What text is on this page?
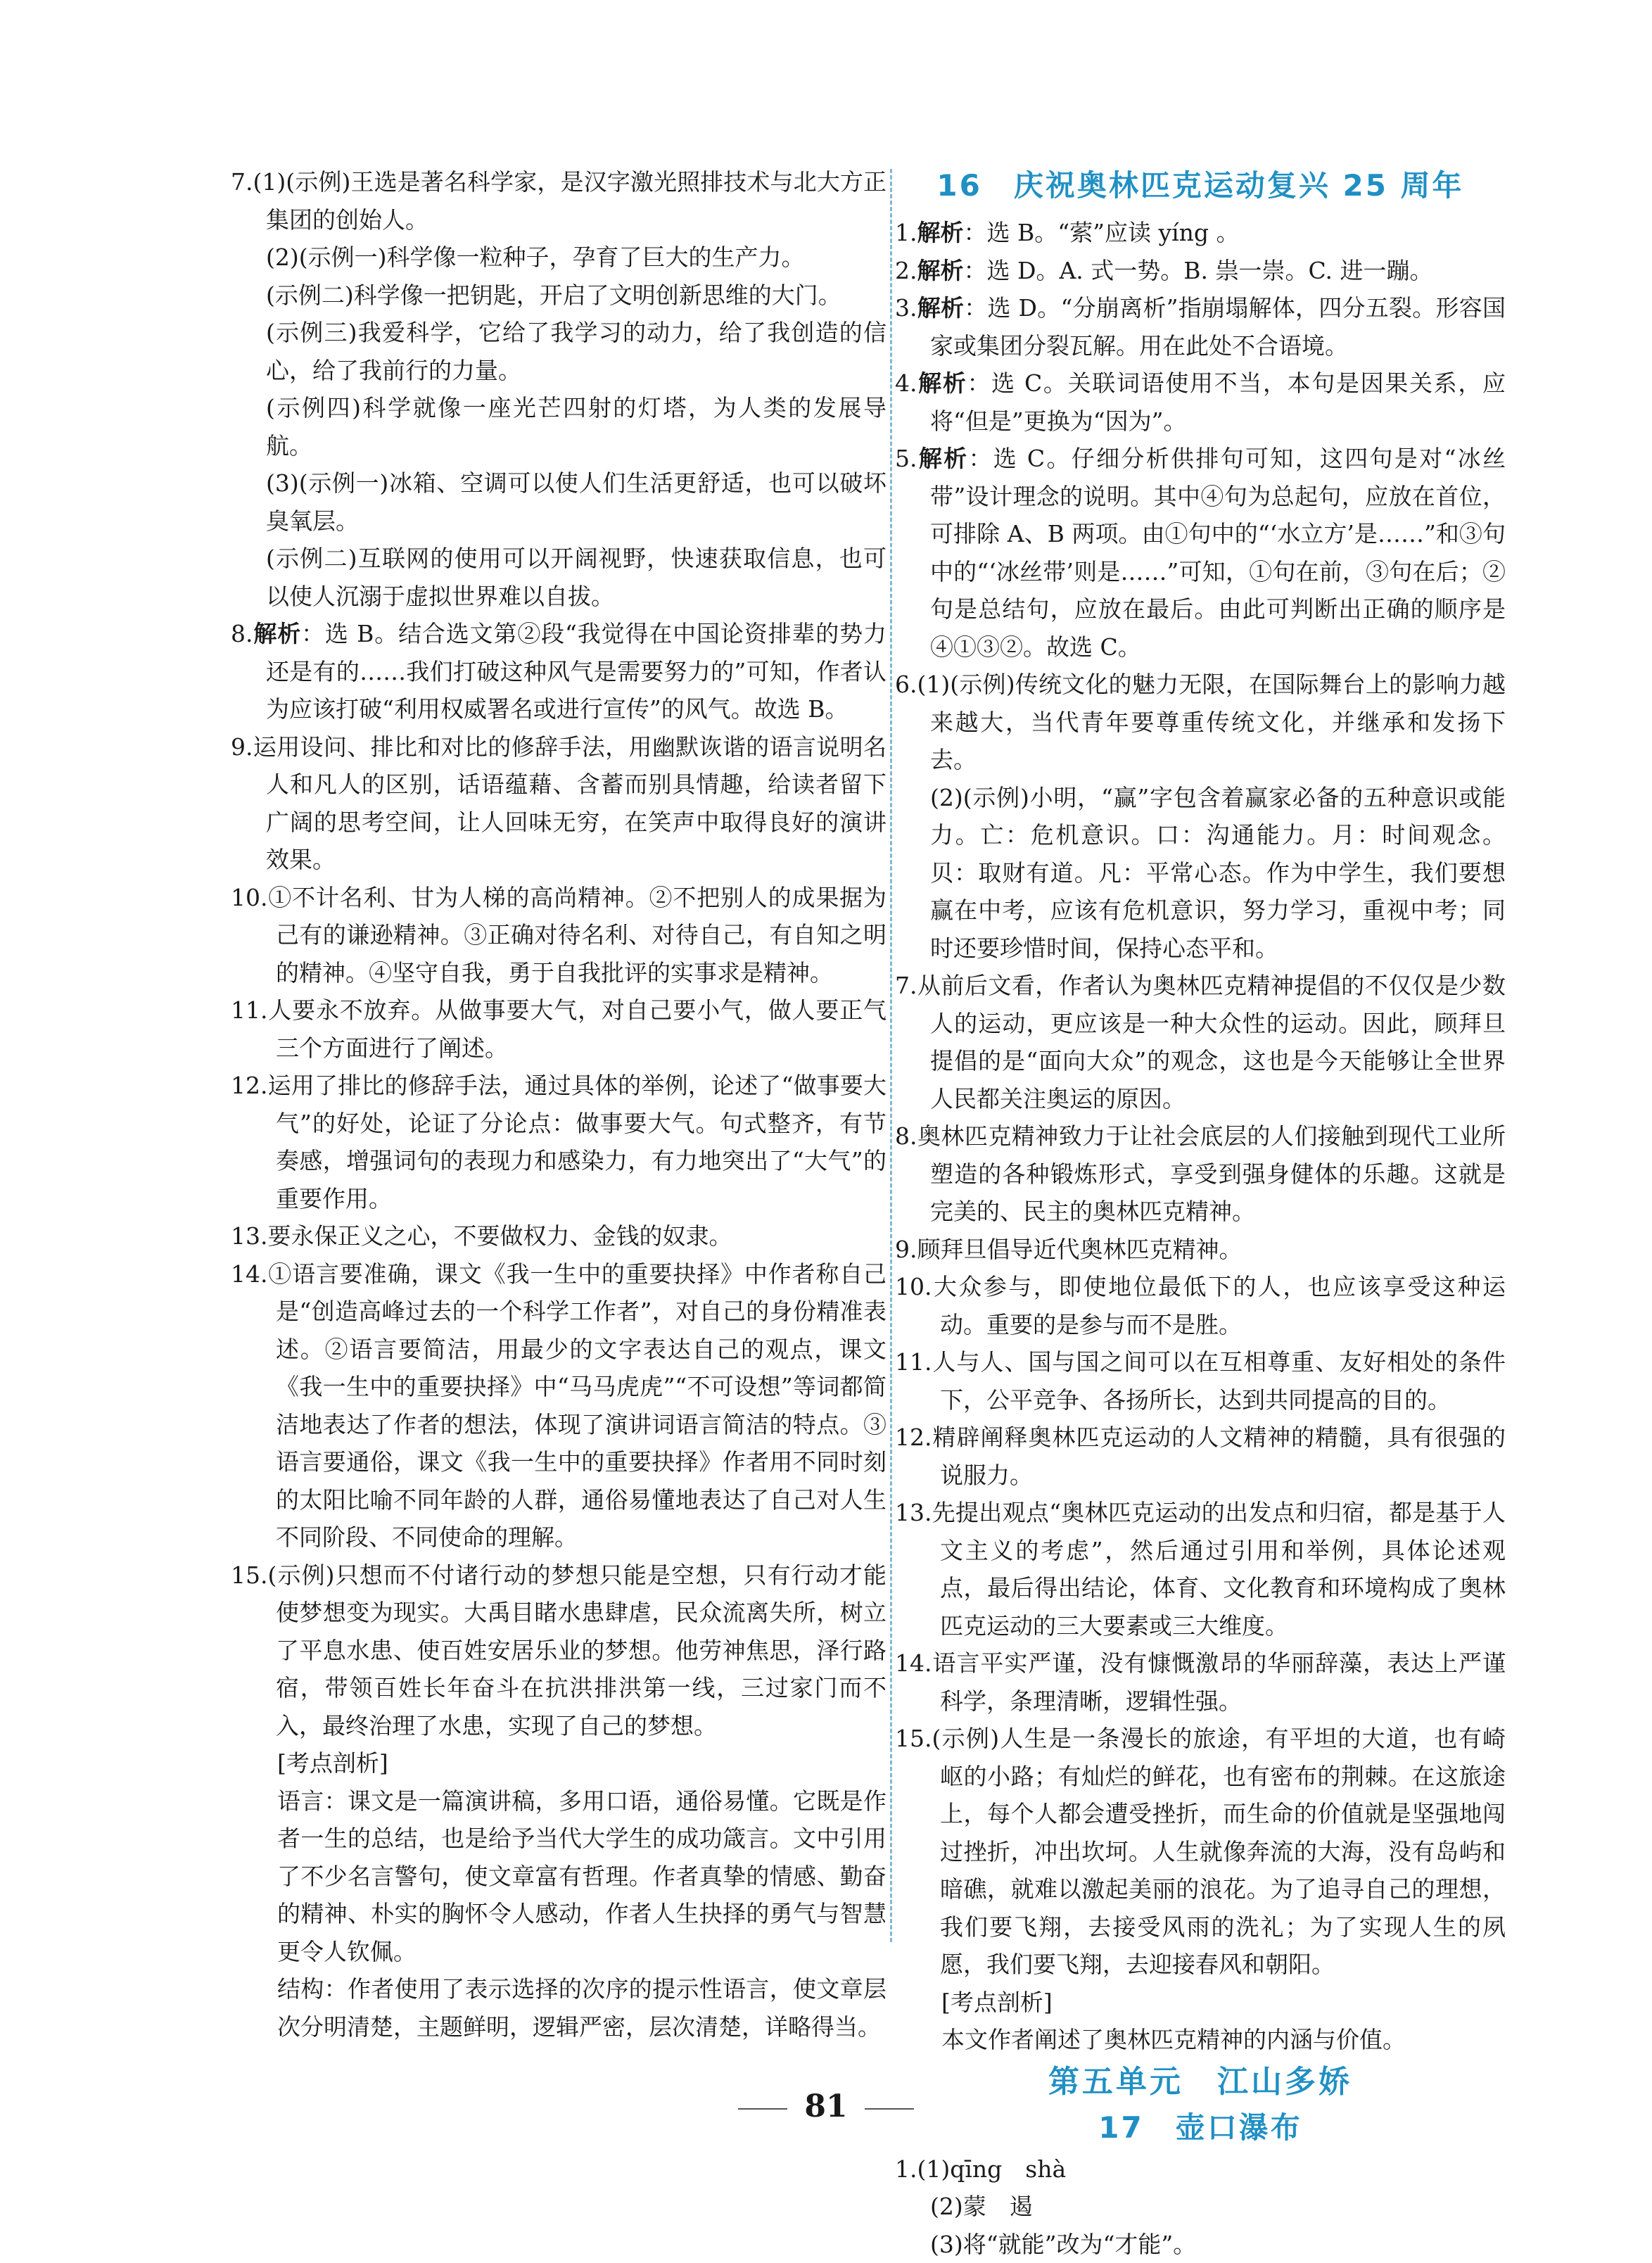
7.(1)(示例)王选是著名科学家，是汉字激光照排技术与北大方正集团的创始人。

(2)(示例一)科学像一粒种子，孕育了巨大的生产力。

(示例二)科学像一把钥匙，开启了文明创新思维的大门。

(示例三)我爱科学，它给了我学习的动力，给了我创造的信心，给了我前行的力量。

(示例四)科学就像一座光芒四射的灯塔，为人类的发展导航。

(3)(示例一)冰箱、空调可以使人们生活更舒适，也可以破坏臭氧层。

(示例二)互联网的使用可以开阔视野，快速获取信息，也可以使人沉溺于虚拟世界难以自拔。

8.解析：选 B。结合选文第②段“我觉得在中国论资排辈的势力还是有的……我们打破这种风气是需要努力的”可知，作者认为应该打破“利用权威署名或进行宣传”的风气。故选 B。

9.运用设问、排比和对比的修辞手法，用幽默诙谐的语言说明名人和凡人的区别，话语蕴藉、含蓄而别具情趣，给读者留下广阔的思考空间，让人回味无穷，在笑声中取得良好的演讲效果。

10.①不计名利、甘为人梯的高尚精神。②不把别人的成果据为己有的谦逊精神。③正确对待名利、对待自己，有自知之明的精神。④坚守自我，勇于自我批评的实事求是精神。

11.人要永不放弃。从做事要大气，对自己要小气，做人要正气三个方面进行了阐述。

12.运用了排比的修辞手法，通过具体的举例，论述了“做事要大气”的好处，论证了分论点：做事要大气。句式整齐，有节奏感，增强词句的表现力和感染力，有力地突出了“大气”的重要作用。

13.要永保正义之心，不要做权力、金钱的奴隶。

14.①语言要准确，课文《我一生中的重要抉择》中作者称自己是“创造高峰过去的一个科学工作者”，对自己的身份精准表述。②语言要简洁，用最少的文字表达自己的观点，课文《我一生中的重要抉择》中“马马虎虎”“不可设想”等词都简洁地表达了作者的想法，体现了演讲词语言简洁的特点。③语言要通俗，课文《我一生中的重要抉择》作者用不同时刻的太阳比喻不同年龄的人群，通俗易懂地表达了自己对人生不同阶段、不同使命的理解。

15.(示例)只想而不付诸行动的梦想只能是空想，只有行动才能使梦想变为现实。大禹目睹水患肆虐，民众流离失所，树立了平息水患、使百姓安居乐业的梦想。他劳神焦思，泽行路宿，带领百姓长年奋斗在抗洪排洪第一线，三过家门而不入，最终治理了水患，实现了自己的梦想。

[考点剖析]

语言：课文是一篇演讲稿，多用口语，通俗易懂。它既是作者一生的总结，也是给予当代大学生的成功箴言。文中引用了不少名言警句，使文章富有哲理。作者真挚的情感、勤奋的精神、朴实的胸怀令人感动，作者人生抉择的勇气与智慧更令人钦佩。

结构：作者使用了表示选择的次序的提示性语言，使文章层次分明清楚，主题鲜明，逻辑严密，层次清楚，详略得当。

16　庆祝奥林匹克运动复兴 25 周年

1.解析：选 B。“萦”应读 yíng 。

2.解析：选 D。A. 式一势。B. 祟一崇。C. 进一蹦。

3.解析：选 D。“分崩离析”指崩塌解体，四分五裂。形容国家或集团分裂瓦解。用在此处不合语境。

4.解析：选 C。关联词语使用不当，本句是因果关系，应将“但是”更换为“因为”。

5.解析：选 C。仔细分析供排句可知，这四句是对“冰丝带”设计理念的说明。其中④句为总起句，应放在首位，可排除 A、B 两项。由①句中的“‘水立方’是……”和③句中的“‘冰丝带’则是……”可知，①句在前，③句在后；②句是总结句，应放在最后。由此可判断出正确的顺序是④①③②。故选 C。

6.(1)(示例)传统文化的魅力无限，在国际舞台上的影响力越来越大，当代青年要尊重传统文化，并继承和发扬下去。

(2)(示例)小明，“赢”字包含着赢家必备的五种意识或能力。亡：危机意识。口：沟通能力。月：时间观念。贝：取财有道。凡：平常心态。作为中学生，我们要想赢在中考，应该有危机意识，努力学习，重视中考；同时还要珍惜时间，保持心态平和。

7.从前后文看，作者认为奥林匹克精神提倡的不仅仅是少数人的运动，更应该是一种大众性的运动。因此，顾拜旦提倡的是“面向大众”的观念，这也是今天能够让全世界人民都关注奥运的原因。

8.奥林匹克精神致力于让社会底层的人们接触到现代工业所塑造的各种锻炼形式，享受到强身健体的乐趣。这就是完美的、民主的奥林匹克精神。

9.顾拜旦倡导近代奥林匹克精神。

10.大众参与，即使地位最低下的人，也应该享受这种运动。重要的是参与而不是胜。

11.人与人、国与国之间可以在互相尊重、友好相处的条件下，公平竞争、各扬所长，达到共同提高的目的。

12.精辟阐释奥林匹克运动的人文精神的精髓，具有很强的说服力。

13.先提出观点“奥林匹克运动的出发点和归宿，都是基于人文主义的考虑”，然后通过引用和举例，具体论述观点，最后得出结论，体育、文化教育和环境构成了奥林匹克运动的三大要素或三大维度。

14.语言平实严谨，没有慷慨激昂的华丽辞藻，表达上严谨科学，条理清晰，逻辑性强。

15.(示例)人生是一条漫长的旅途，有平坦的大道，也有崎岖的小路；有灿烂的鲜花，也有密布的荆棘。在这旅途上，每个人都会遭受挫折，而生命的价值就是坚强地闯过挫折，冲出坎坷。人生就像奔流的大海，没有岛屿和暗礁，就难以激起美丽的浪花。为了追寻自己的理想，我们要飞翔，去接受风雨的洗礼；为了实现人生的夙愿，我们要飞翔，去迎接春风和朝阳。

[考点剖析]

本文作者阐述了奥林匹克精神的内涵与价值。

第五单元　江山多娇

17　壶口瀑布

1.(1)qīng　shà

(2)蒙　遏

(3)将“就能”改为“才能”。

81
